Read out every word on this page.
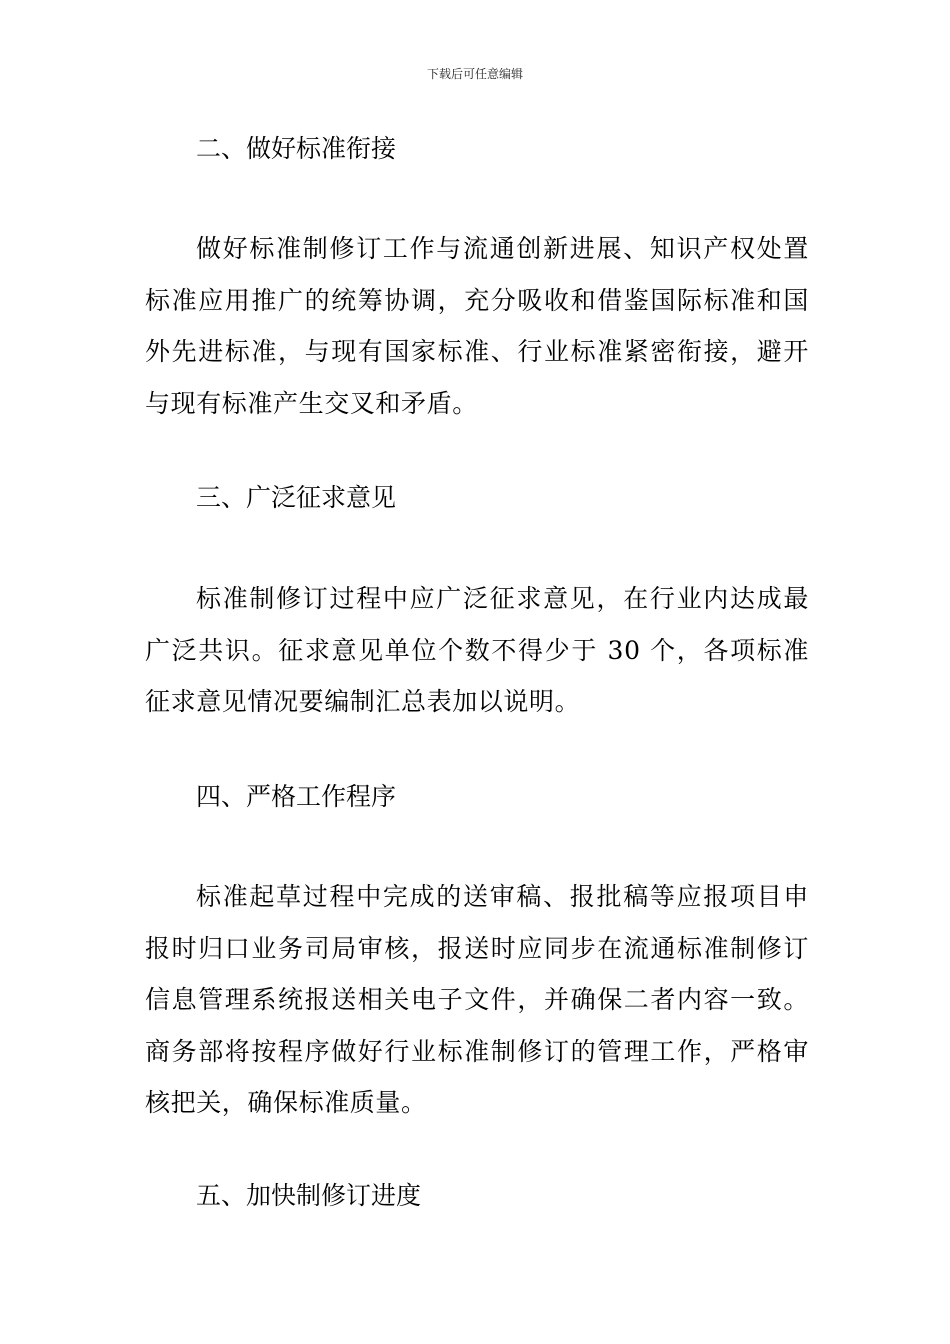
下载后可任意编辑
二、做好标准衔接
做好标准制修订工作与流通创新进展、知识产权处置标准应用推广的统筹协调，充分吸收和借鉴国际标准和国外先进标准，与现有国家标准、行业标准紧密衔接，避开与现有标准产生交叉和矛盾。
三、广泛征求意见
标准制修订过程中应广泛征求意见，在行业内达成最广泛共识。征求意见单位个数不得少于 30 个，各项标准征求意见情况要编制汇总表加以说明。
四、严格工作程序
标准起草过程中完成的送审稿、报批稿等应报项目申报时归口业务司局审核，报送时应同步在流通标准制修订信息管理系统报送相关电子文件，并确保二者内容一致。商务部将按程序做好行业标准制修订的管理工作，严格审核把关，确保标准质量。
五、加快制修订进度
